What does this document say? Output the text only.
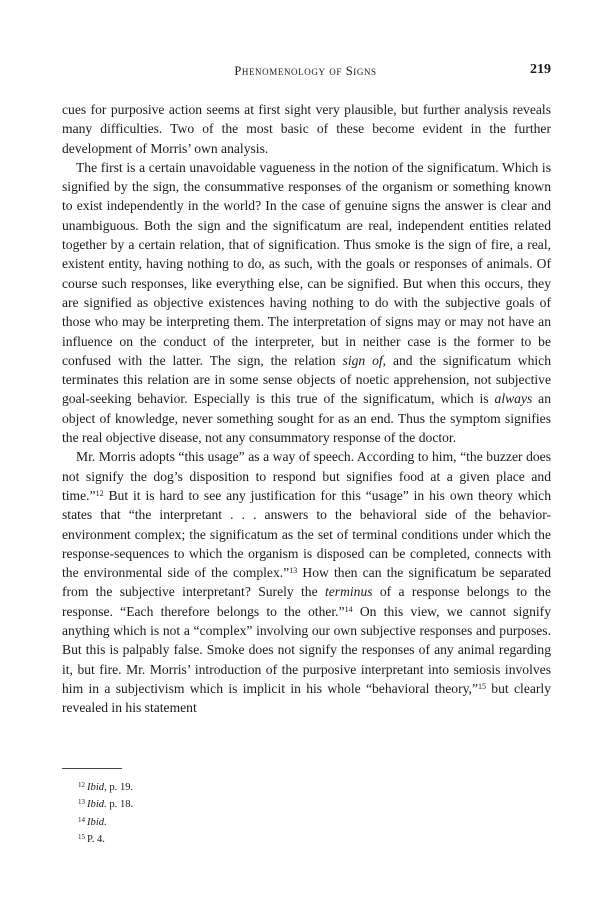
Phenomenology of Signs	219

cues for purposive action seems at first sight very plausible, but further analysis reveals many difficulties. Two of the most basic of these become evident in the further development of Morris’ own analysis.

The first is a certain unavoidable vagueness in the notion of the significatum. Which is signified by the sign, the consummative responses of the organism or something known to exist independently in the world? In the case of genuine signs the answer is clear and unambiguous. Both the sign and the significatum are real, independent entities related together by a certain relation, that of signification. Thus smoke is the sign of fire, a real, existent entity, having nothing to do, as such, with the goals or responses of animals. Of course such responses, like everything else, can be signified. But when this occurs, they are signified as objective existences having nothing to do with the subjective goals of those who may be interpreting them. The interpretation of signs may or may not have an influence on the conduct of the interpreter, but in neither case is the former to be confused with the latter. The sign, the relation sign of, and the significatum which terminates this relation are in some sense objects of noetic apprehension, not subjective goal-seeking behavior. Especially is this true of the significatum, which is always an object of knowledge, never something sought for as an end. Thus the symptom signifies the real objective disease, not any consummatory response of the doctor.

Mr. Morris adopts “this usage” as a way of speech. According to him, “the buzzer does not signify the dog’s disposition to respond but signifies food at a given place and time.”$^{12}$ But it is hard to see any justification for this “usage” in his own theory which states that “the interpretant . . . answers to the behavioral side of the behavior-environment complex; the significatum as the set of terminal conditions under which the response-sequences to which the organism is disposed can be completed, connects with the environmental side of the complex.”$^{13}$ How then can the significatum be separated from the subjective interpretant? Surely the terminus of a response belongs to the response. “Each therefore belongs to the other.”$^{14}$ On this view, we cannot signify anything which is not a “complex” involving our own subjective responses and purposes. But this is palpably false. Smoke does not signify the responses of any animal regarding it, but fire. Mr. Morris’ introduction of the purposive interpretant into semiosis involves him in a subjectivism which is implicit in his whole “behavioral theory,”$^{15}$ but clearly revealed in his statement

$^{12}$ Ibid, p. 19.
$^{13}$ Ibid. p. 18.
$^{14}$ Ibid.
$^{15}$ P. 4.
